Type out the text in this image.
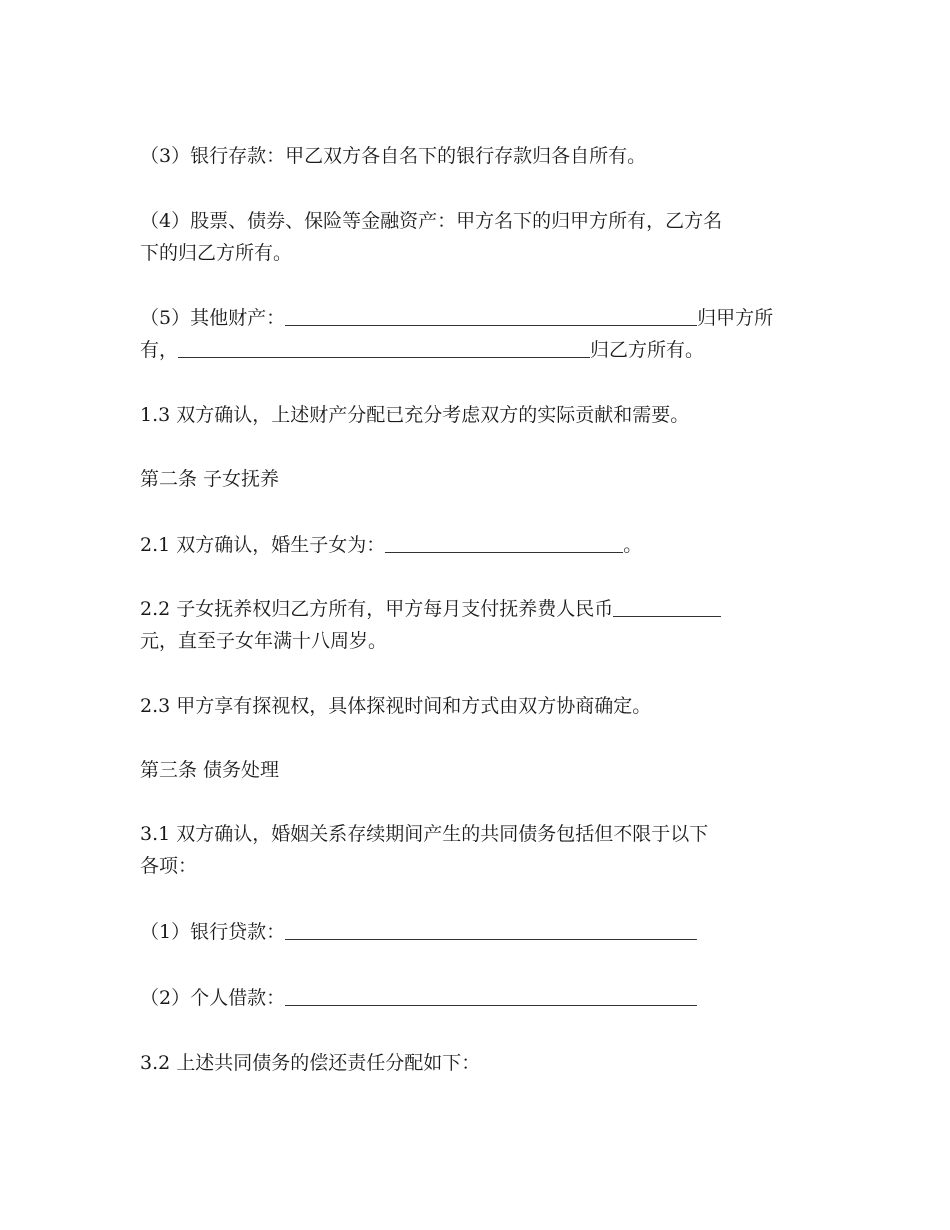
（3）银行存款：甲乙双方各自名下的银行存款归各自所有。

（4）股票、债券、保险等金融资产：甲方名下的归甲方所有，乙方名

下的归乙方所有。

（5）其他财产：	归甲方所

有，	归乙方所有。

1.3 双方确认，上述财产分配已充分考虑双方的实际贡献和需要。

第二条 子女抚养

2.1 双方确认，婚生子女为：	。

2.2 子女抚养权归乙方所有，甲方每月支付抚养费人民币

元，直至子女年满十八周岁。

2.3 甲方享有探视权，具体探视时间和方式由双方协商确定。

第三条 债务处理

3.1 双方确认，婚姻关系存续期间产生的共同债务包括但不限于以下

各项：

（1）银行贷款：

（2）个人借款：

3.2 上述共同债务的偿还责任分配如下：
